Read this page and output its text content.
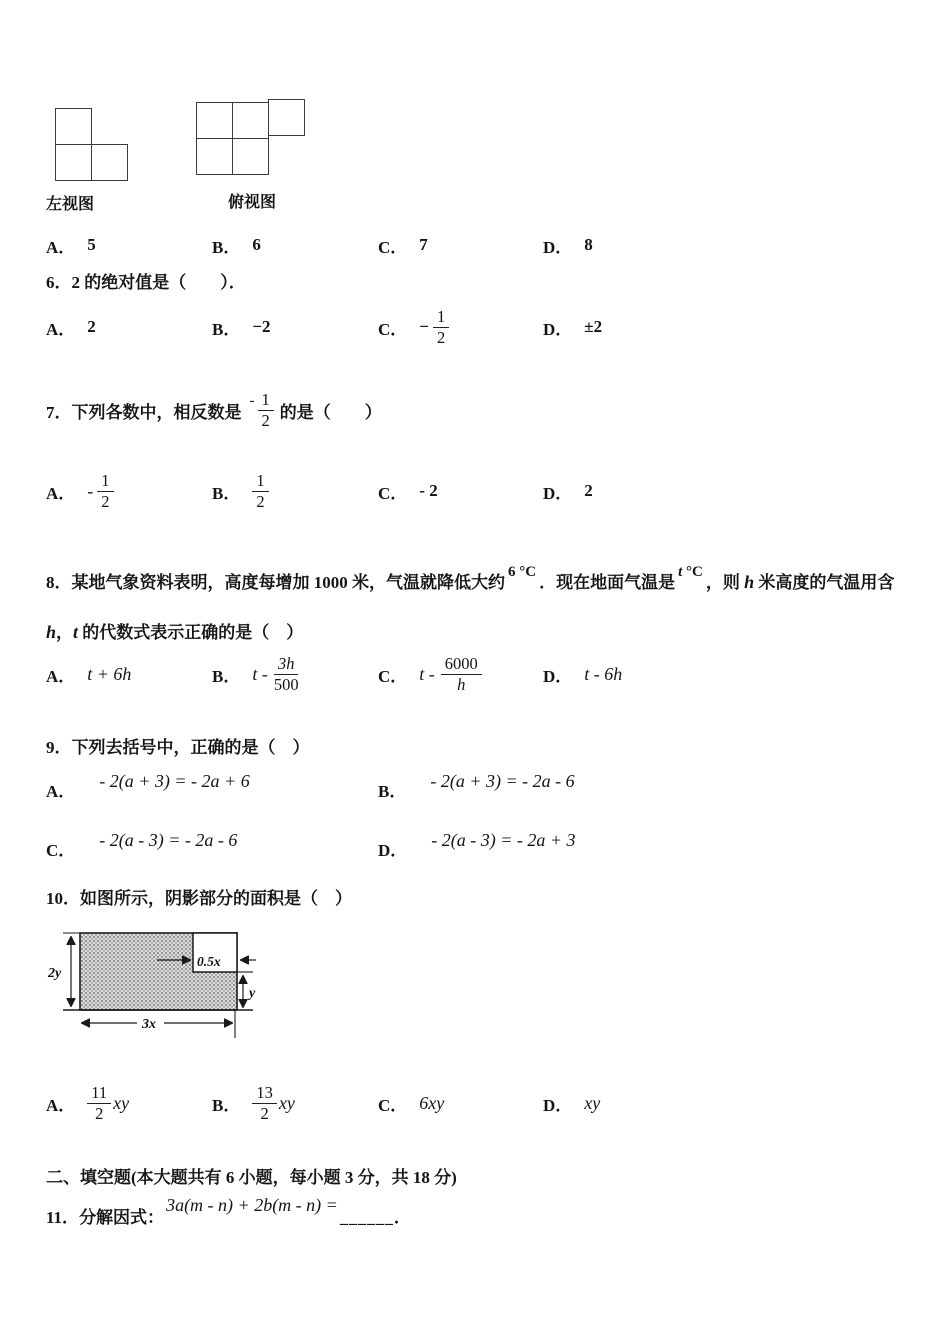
左视图	俯视图
A． 5	B． 6	C． 7	D． 8
6．2 的绝对值是（　　）．
A． 2	B． −2	C． − $\frac{1}{2}$	D． ±2
7． 下列各数中，相反数是
- $\frac{1}{2}$ 的是（　　）
A． - $\frac{1}{2}$	B． $\frac{1}{2}$	C． - 2	D． 2
8．某地气象资料表明，高度每增加 1000 米，气温就降低大约6 °C．现在地面气温是t °C，则 h 米高度的气温用含
h，t 的代数式表示正确的是（　）
A． t + 6h	B． t - $\frac{3h}{500}$	C． t - $\frac{6000}{h}$	D． t - 6h
9．下列去括号中，正确的是（　）
A．
- 2(a + 3) = - 2a + 6
B．
- 2(a + 3) = - 2a - 6
C．
- 2(a - 3) = - 2a - 6
D．
- 2(a - 3) = - 2a + 3
10．如图所示，阴影部分的面积是（　）
2y
0.5x
y
3x
A． $\frac{11}{2}$ xy	B． $\frac{13}{2}$ xy	C． 6xy	D． xy
二、填空题(本大题共有 6 小题，每小题 3 分，共 18 分)
11．分解因式：3a(m - n) + 2b(m - n) =______．
